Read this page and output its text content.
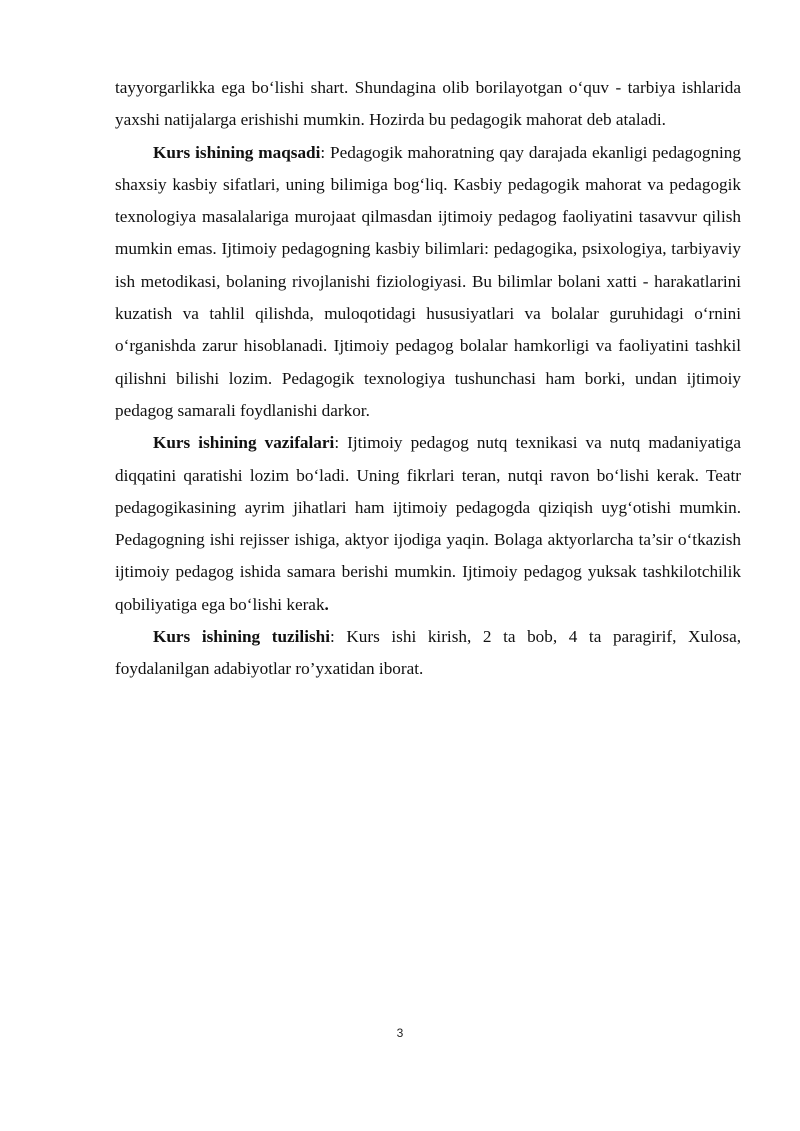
tayyorgarlikka ega bo‘lishi shart. Shundagina olib borilayotgan o‘quv - tarbiya ishlarida yaxshi natijalarga erishishi mumkin. Hozirda bu pedagogik mahorat deb ataladi.

Kurs ishining maqsadi: Pedagogik mahoratning qay darajada ekanligi pedagogning shaxsiy kasbiy sifatlari, uning bilimiga bog‘liq. Kasbiy pedagogik mahorat va pedagogik texnologiya masalalariga murojaat qilmasdan ijtimoiy pedagog faoliyatini tasavvur qilish mumkin emas. Ijtimoiy pedagogning kasbiy bilimlari: pedagogika, psixologiya, tarbiyaviy ish metodikasi, bolaning rivojlanishi fiziologiyasi. Bu bilimlar bolani xatti - harakatlarini kuzatish va tahlil qilishda, muloqotidagi hususiyatlari va bolalar guruhidagi o‘rnini o‘rganishda zarur hisoblanadi. Ijtimoiy pedagog bolalar hamkorligi va faoliyatini tashkil qilishni bilishi lozim. Pedagogik texnologiya tushunchasi ham borki, undan ijtimoiy pedagog samarali foydlanishi darkor.

Kurs ishining vazifalari: Ijtimoiy pedagog nutq texnikasi va nutq madaniyatiga diqqatini qaratishi lozim bo‘ladi. Uning fikrlari teran, nutqi ravon bo‘lishi kerak. Teatr pedagogikasining ayrim jihatlari ham ijtimoiy pedagogda qiziqish uyg‘otishi mumkin. Pedagogning ishi rejisser ishiga, aktyor ijodiga yaqin. Bolaga aktyorlarcha ta’sir o‘tkazish ijtimoiy pedagog ishida samara berishi mumkin. Ijtimoiy pedagog yuksak tashkilotchilik qobiliyatiga ega bo‘lishi kerak.

Kurs ishining tuzilishi: Kurs ishi kirish, 2 ta bob, 4 ta paragirif, Xulosa, foydalanilgan adabiyotlar ro’yxatidan iborat.

3
